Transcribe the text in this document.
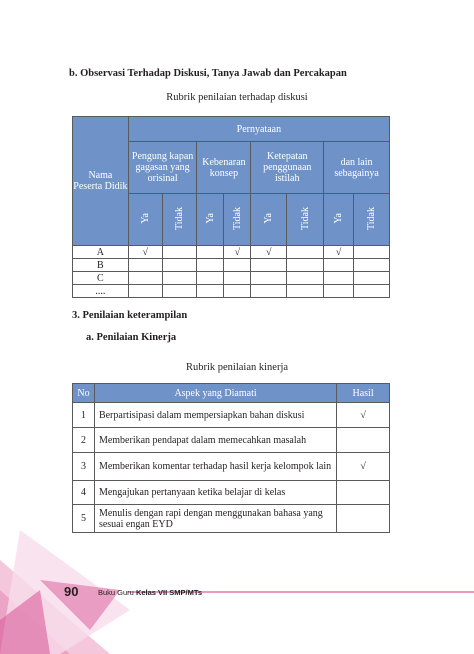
b. Observasi Terhadap Diskusi, Tanya Jawab dan Percakapan
Rubrik penilaian terhadap diskusi
Nama Peserta Didik	Pernyataan							
	Pengung kapan gagasan yang orisinal		Kebenaran konsep		Ketepatan penggunaan istilah		dan lain sebagainya	
	Ya	Tidak	Ya	Tidak	Ya	Tidak	Ya	Tidak
A	√			√	√		√	
B								
C								
....								
3. Penilaian keterampilan
a. Penilaian Kinerja
Rubrik penilaian kinerja
No	Aspek yang Diamati	Hasil
1	Berpartisipasi dalam mempersiapkan bahan diskusi	√
2	Memberikan pendapat dalam memecahkan masalah	
3	Memberikan komentar terhadap hasil kerja kelompok lain	√
4	Mengajukan pertanyaan ketika belajar di kelas	
5	Menulis dengan rapi dengan menggunakan bahasa yang sesuai engan EYD	
90	Buku Guru Kelas VII SMP/MTs
